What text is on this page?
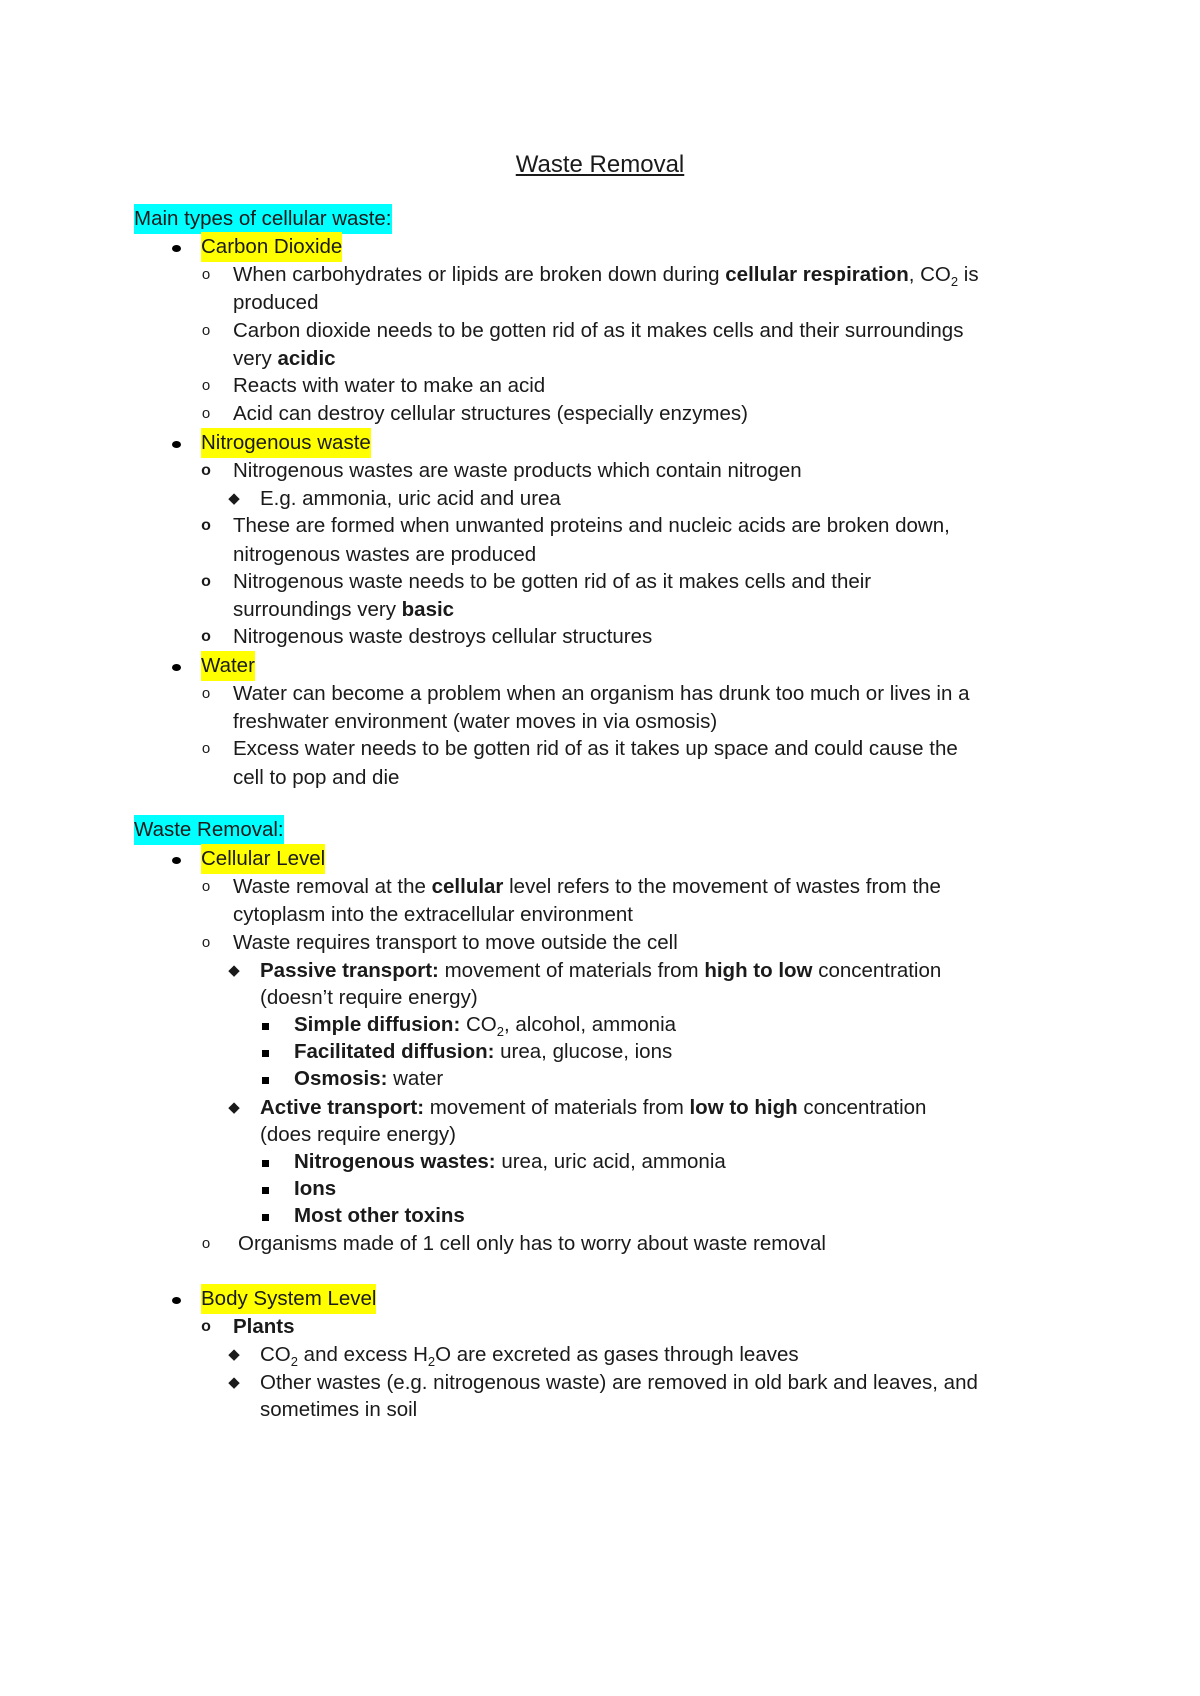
Waste Removal
Main types of cellular waste:
Carbon Dioxide
o When carbohydrates or lipids are broken down during cellular respiration, $CO_2$ is
produced
o Carbon dioxide needs to be gotten rid of as it makes cells and their surroundings
very acidic
o Reacts with water to make an acid
o Acid can destroy cellular structures (especially enzymes)
Nitrogenous waste
o Nitrogenous wastes are waste products which contain nitrogen
◆ E.g. ammonia, uric acid and urea
o These are formed when unwanted proteins and nucleic acids are broken down,
nitrogenous wastes are produced
o Nitrogenous waste needs to be gotten rid of as it makes cells and their
surroundings very basic
o Nitrogenous waste destroys cellular structures
Water
o Water can become a problem when an organism has drunk too much or lives in a
freshwater environment (water moves in via osmosis)
o Excess water needs to be gotten rid of as it takes up space and could cause the
cell to pop and die
Waste Removal:
Cellular Level
o Waste removal at the cellular level refers to the movement of wastes from the
cytoplasm into the extracellular environment
o Waste requires transport to move outside the cell
◆ Passive transport: movement of materials from high to low concentration
(doesn’t require energy)
Simple diffusion: $CO_2$, alcohol, ammonia
Facilitated diffusion: urea, glucose, ions
Osmosis: water
◆ Active transport: movement of materials from low to high concentration
(does require energy)
Nitrogenous wastes: urea, uric acid, ammonia
Ions
Most other toxins
o Organisms made of 1 cell only has to worry about waste removal
Body System Level
o Plants
◆ $CO_2$ and excess $H_2O$ are excreted as gases through leaves
◆ Other wastes (e.g. nitrogenous waste) are removed in old bark and leaves, and
sometimes in soil
